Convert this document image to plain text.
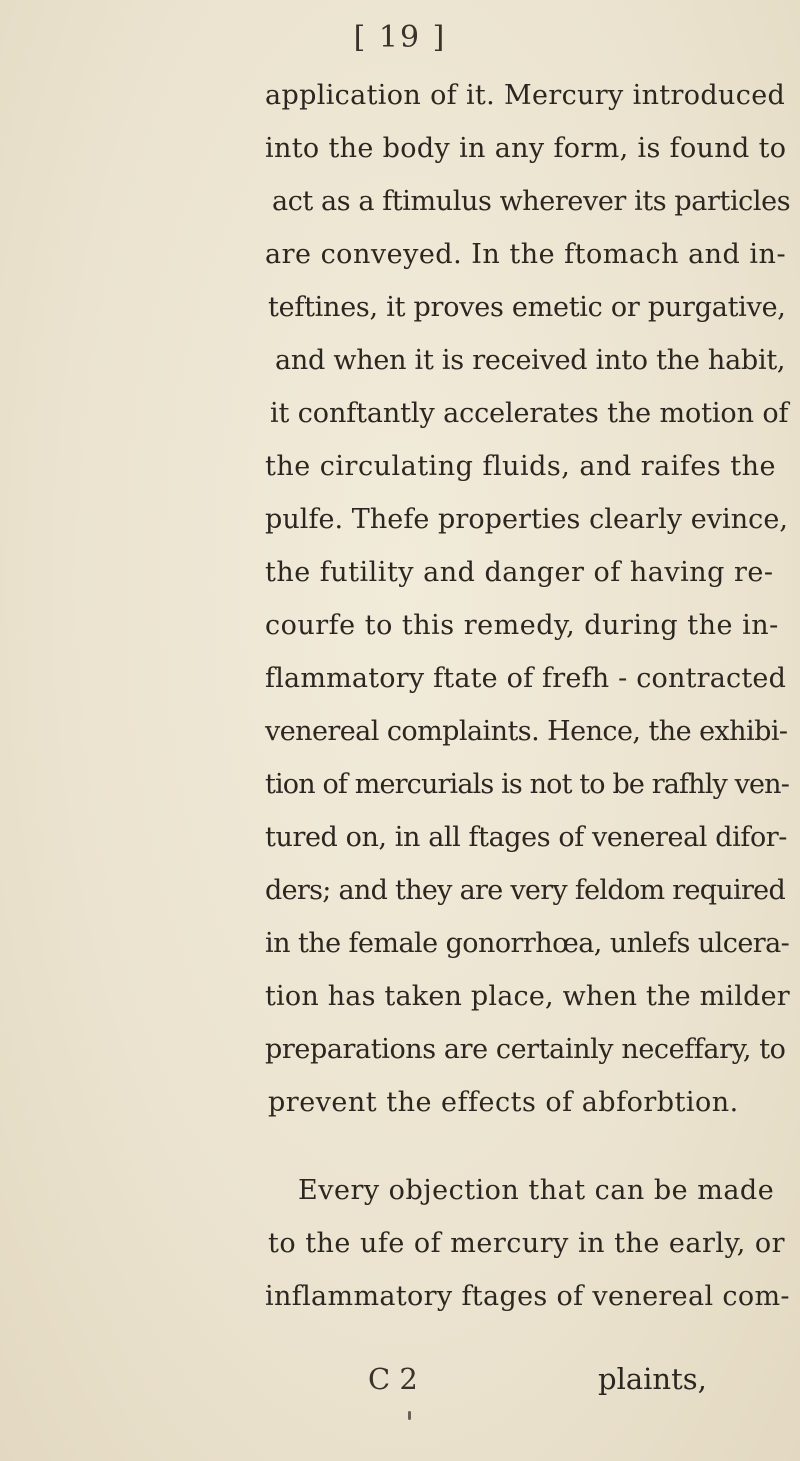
[ 19 ]
application of it. Mercury introduced
into the body in any form, is found to
act as a ftimulus wherever its particles
are conveyed. In the ftomach and in-
teftines, it proves emetic or purgative,
and when it is received into the habit,
it conftantly accelerates the motion of
the circulating fluids, and raifes the
pulfe. Thefe properties clearly evince,
the futility and danger of having re-
courfe to this remedy, during the in-
flammatory ftate of frefh - contracted
venereal complaints. Hence, the exhibi-
tion of mercurials is not to be rafhly ven-
tured on, in all ftages of venereal difor-
ders; and they are very feldom required
in the female gonorrhœa, unlefs ulcera-
tion has taken place, when the milder
preparations are certainly neceffary, to
prevent the effects of abforbtion.
Every objection that can be made
to the ufe of mercury in the early, or
inflammatory ftages of venereal com-
C 2	plaints,
